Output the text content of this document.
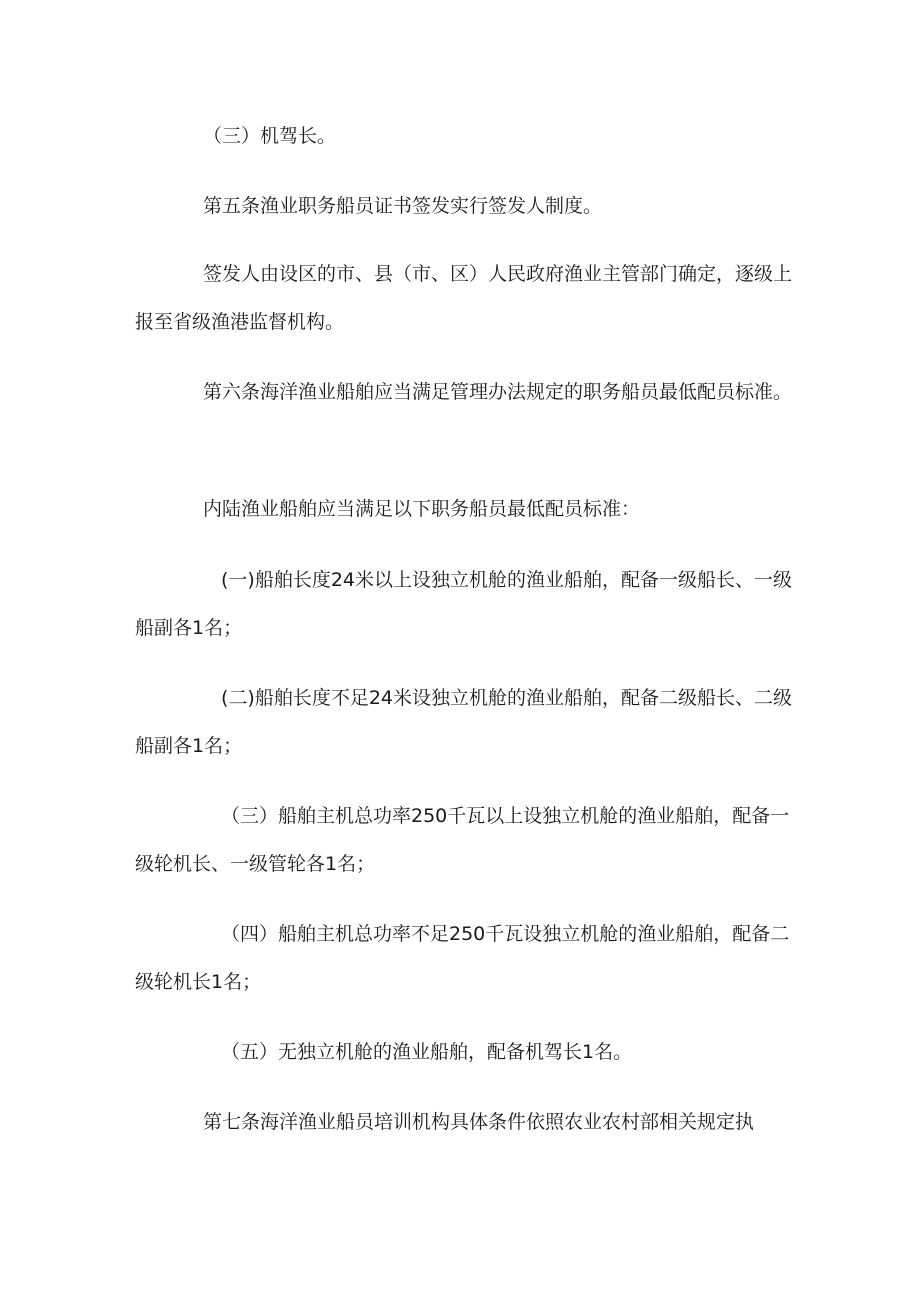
（三）机驾长。

第五条渔业职务船员证书签发实行签发人制度。

签发人由设区的市、县（市、区）人民政府渔业主管部门确定，逐级上报至省级渔港监督机构。

第六条海洋渔业船舶应当满足管理办法规定的职务船员最低配员标准。

内陆渔业船舶应当满足以下职务船员最低配员标准：

(一)船舶长度24米以上设独立机舱的渔业船舶，配备一级船长、一级船副各1名；

(二)船舶长度不足24米设独立机舱的渔业船舶，配备二级船长、二级船副各1名；

（三）船舶主机总功率250千瓦以上设独立机舱的渔业船舶，配备一级轮机长、一级管轮各1名；

（四）船舶主机总功率不足250千瓦设独立机舱的渔业船舶，配备二级轮机长1名；

（五）无独立机舱的渔业船舶，配备机驾长1名。

第七条海洋渔业船员培训机构具体条件依照农业农村部相关规定执
